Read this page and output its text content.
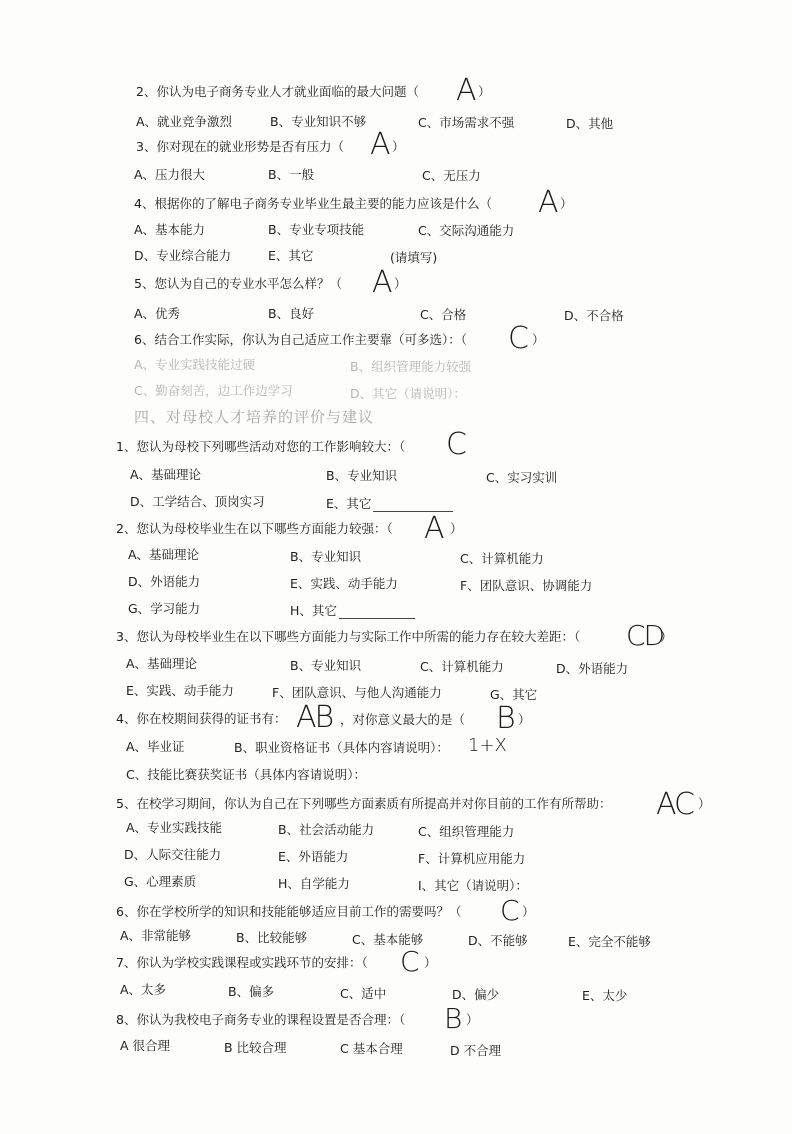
2、你认为电子商务专业人才就业面临的最大问题（ A ）
A、就业竞争激烈	B、专业知识不够	C、市场需求不强	D、其他
3、你对现在的就业形势是否有压力（ A ）
A、压力很大	B、一般	C、无压力
4、根据你的了解电子商务专业毕业生最主要的能力应该是什么（ A ）
A、基本能力	B、专业专项技能	C、交际沟通能力
D、专业综合能力	E、其它	(请填写)
5、您认为自己的专业水平怎么样？（ A ）
A、优秀	B、良好	C、合格	D、不合格
6、结合工作实际，你认为自己适应工作主要靠（可多选）：（ C ）
A、专业实践技能过硬	B、组织管理能力较强
C、勤奋刻苦，边工作边学习	D、其它（请说明）：
四、对母校人才培养的评价与建议
1、您认为母校下列哪些活动对您的工作影响较大：（ C
A、基础理论	B、专业知识	C、实习实训
D、工学结合、顶岗实习	E、其它
2、您认为母校毕业生在以下哪些方面能力较强：（ A ）
A、基础理论	B、专业知识	C、计算机能力
D、外语能力	E、实践、动手能力	F、团队意识、协调能力
G、学习能力	H、其它
3、您认为母校毕业生在以下哪些方面能力与实际工作中所需的能力存在较大差距：（ CD
）
A、基础理论	B、专业知识	C、计算机能力	D、外语能力
E、实践、动手能力	F、团队意识、与他人沟通能力	G、其它
4、你在校期间获得的证书有： AB ，对你意义最大的是（ B ）
A、毕业证	B、职业资格证书（具体内容请说明）： 1+X
C、技能比赛获奖证书（具体内容请说明）：
5、在校学习期间，你认为自己在下列哪些方面素质有所提高并对你目前的工作有所帮助： AC ）
A、专业实践技能	B、社会活动能力	C、组织管理能力
D、人际交往能力	E、外语能力	F、计算机应用能力
G、心理素质	H、自学能力	I、其它（请说明）：
6、你在学校所学的知识和技能能够适应目前工作的需要吗？（ C ）
A、非常能够	B、比较能够	C、基本能够	D、不能够	E、完全不能够
7、你认为学校实践课程或实践环节的安排：（ C ）
A、太多	B、偏多	C、适中	D、偏少	E、太少
8、你认为我校电子商务专业的课程设置是否合理：（ B ）
A 很合理	B 比较合理	C 基本合理	D 不合理
